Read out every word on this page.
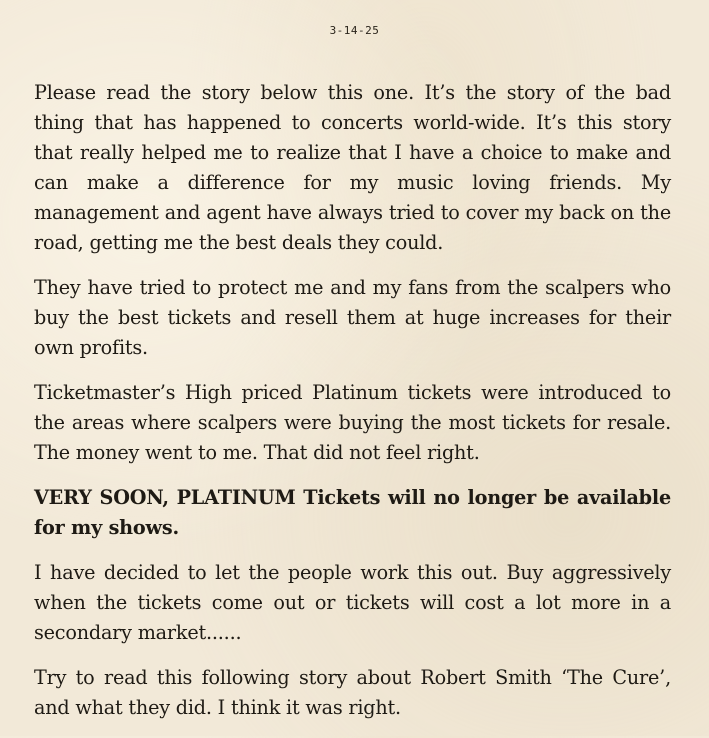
3-14-25

Please read the story below this one. It’s the story of the bad thing that has happened to concerts world-wide. It’s this story that really helped me to realize that I have a choice to make and can make a difference for my music loving friends. My management and agent have always tried to cover my back on the road, getting me the best deals they could.

They have tried to protect me and my fans from the scalpers who buy the best tickets and resell them at huge increases for their own profits.

Ticketmaster’s High priced Platinum tickets were introduced to the areas where scalpers were buying the most tickets for resale. The money went to me. That did not feel right.

VERY SOON, PLATINUM Tickets will no longer be available for my shows.

I have decided to let the people work this out. Buy aggressively when the tickets come out or tickets will cost a lot more in a secondary market......

Try to read this following story about Robert Smith ‘The Cure’, and what they did. I think it was right.
